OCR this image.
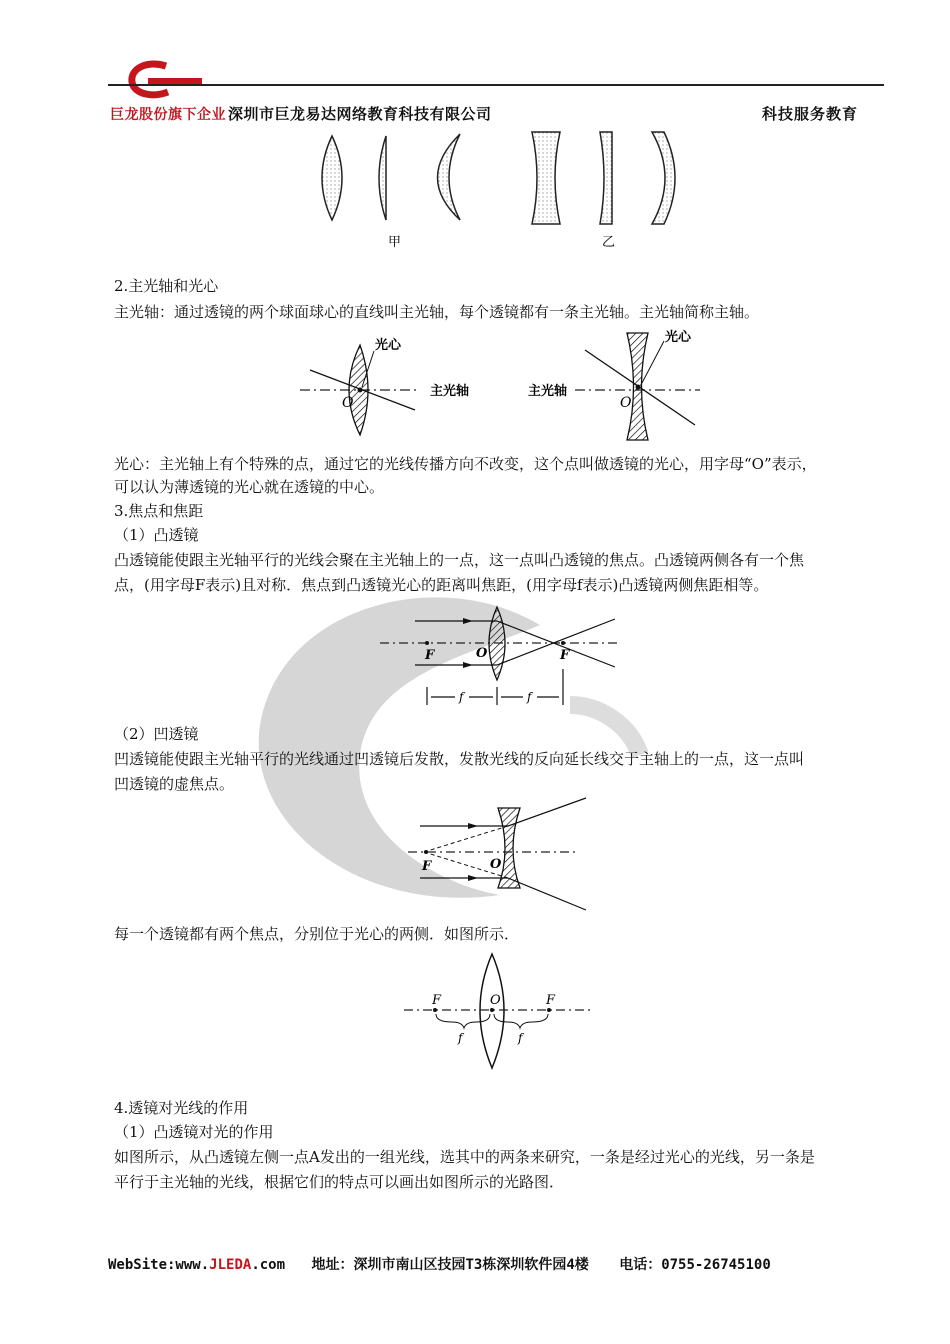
巨龙股份旗下企业 深圳市巨龙易达网络教育科技有限公司	科技服务教育
甲	乙
2.主光轴和光心
主光轴：通过透镜的两个球面球心的直线叫主光轴，每个透镜都有一条主光轴。主光轴简称主轴。
O
光心
主光轴	主光轴
O
光心
光心：主光轴上有个特殊的点，通过它的光线传播方向不改变，这个点叫做透镜的光心，用字母“O”表示，
可以认为薄透镜的光心就在透镜的中心。
3.焦点和焦距
（1）凸透镜
凸透镜能使跟主光轴平行的光线会聚在主光轴上的一点，这一点叫凸透镜的焦点。凸透镜两侧各有一个焦
点，(用字母F表示)且对称．焦点到凸透镜光心的距离叫焦距，(用字母f表示)凸透镜两侧焦距相等。
F	O	F
f	f
（2）凹透镜
凹透镜能使跟主光轴平行的光线通过凹透镜后发散，发散光线的反向延长线交于主轴上的一点，这一点叫
凹透镜的虚焦点。
F	O
每一个透镜都有两个焦点，分别位于光心的两侧．如图所示．
F	O	F
f	f
4.透镜对光线的作用
（1）凸透镜对光的作用
如图所示，从凸透镜左侧一点A发出的一组光线，选其中的两条来研究，一条是经过光心的光线，另一条是
平行于主光轴的光线，根据它们的特点可以画出如图所示的光路图．
WebSite:www.JLEDA.com 地址：深圳市南山区技园T3栋深圳软件园4楼 电话：0755-26745100
